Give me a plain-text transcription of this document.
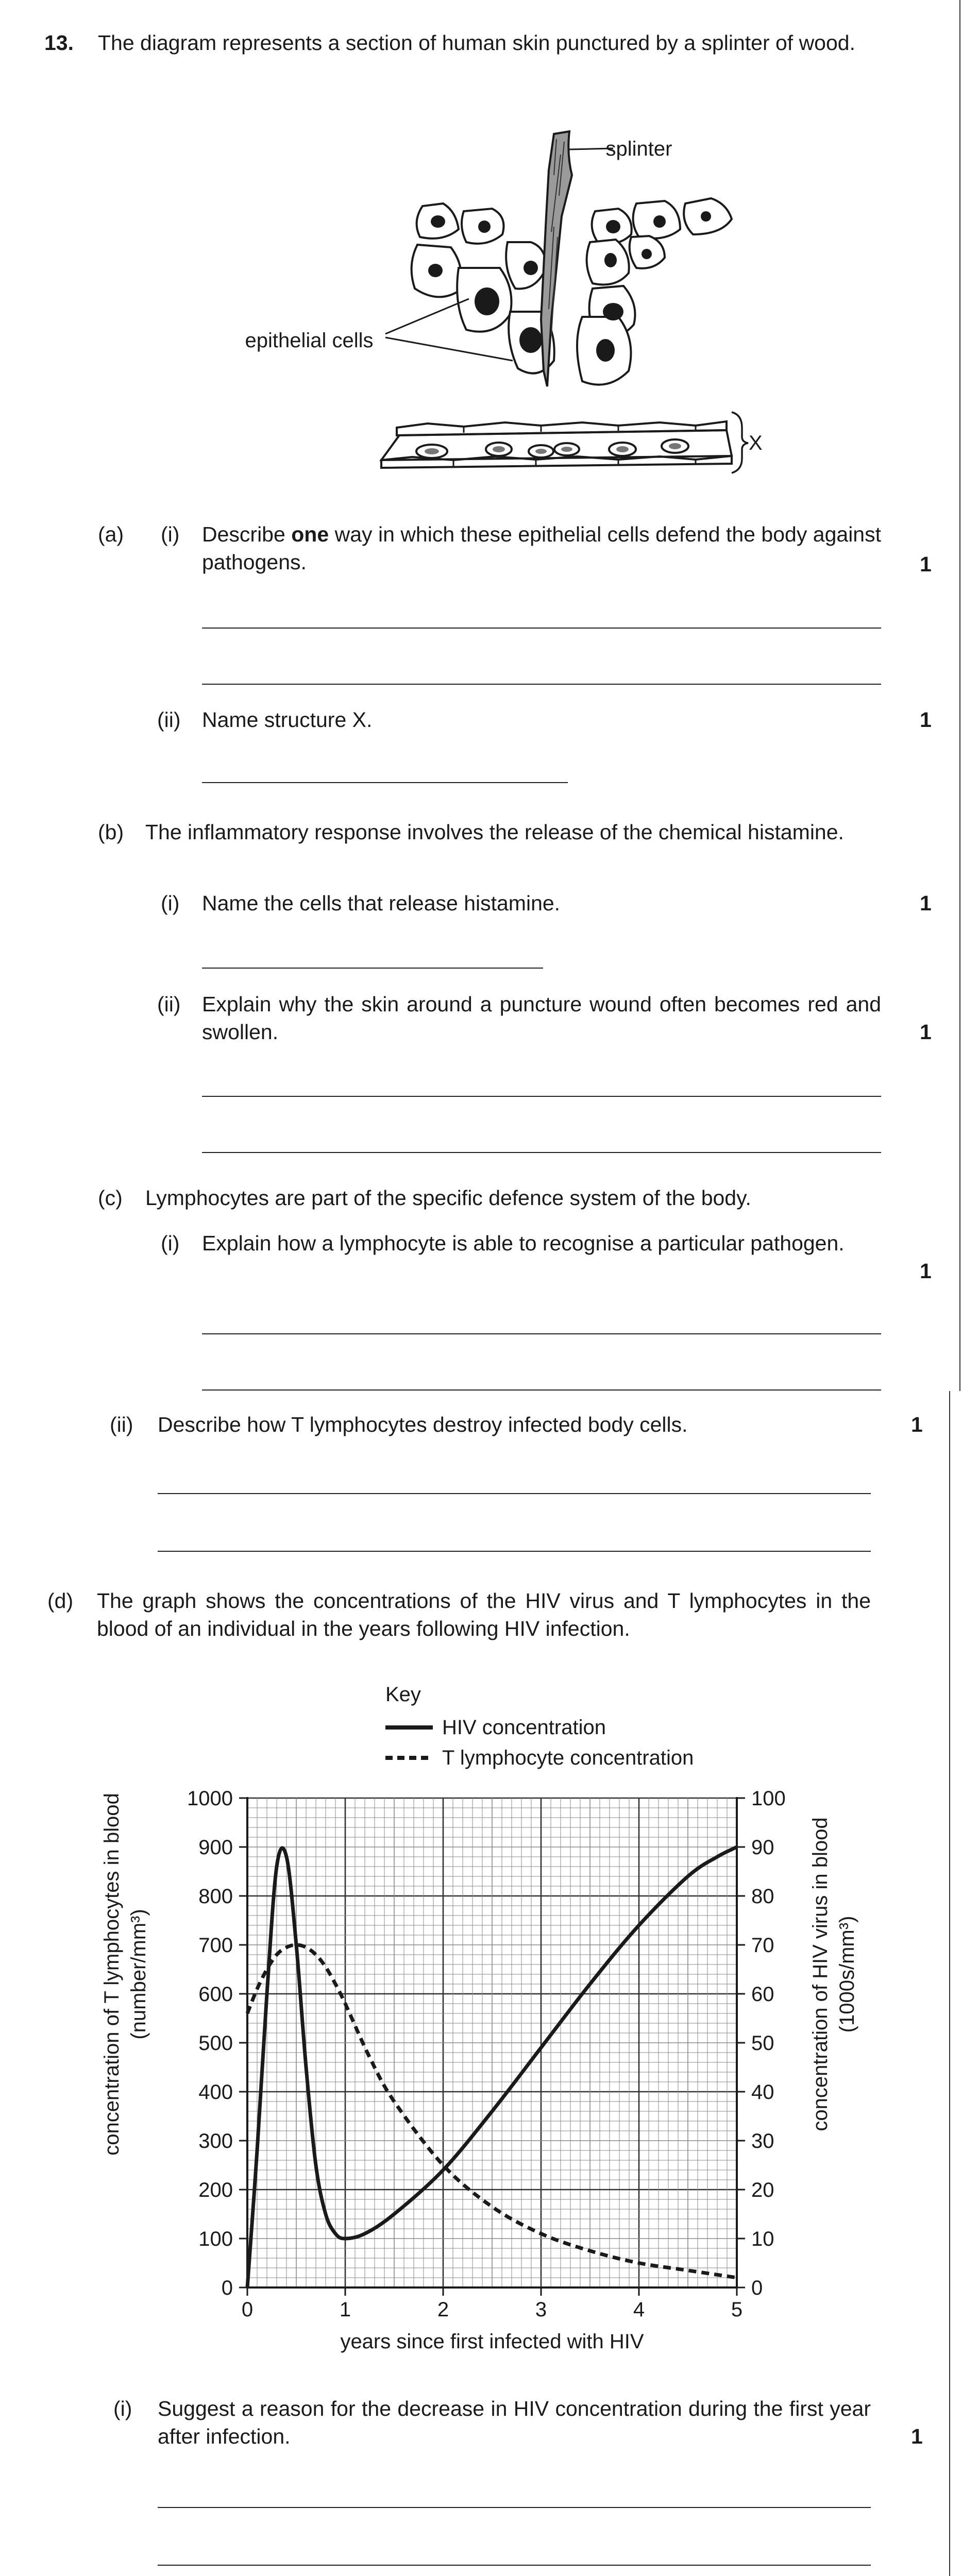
13. The diagram represents a section of human skin punctured by a splinter of wood.
splinter
epithelial cells
X
(a) (i) Describe one way in which these epithelial cells defend the body against pathogens.	1
(ii) Name structure X.	1
(b) The inflammatory response involves the release of the chemical histamine.
(i) Name the cells that release histamine.	1
(ii) Explain why the skin around a puncture wound often becomes red and swollen.	1
(c) Lymphocytes are part of the specific defence system of the body.
(i) Explain how a lymphocyte is able to recognise a particular pathogen.
1
(ii) Describe how T lymphocytes destroy infected body cells.	1
(d) The graph shows the concentrations of the HIV virus and T lymphocytes in the blood of an individual in the years following HIV infection.
Key
HIV concentration
T lymphocyte concentration
0	1	2	3	4	5
0
100
200
300
400
500
600
700
800
900
1000
0
10
20
30
40
50
60
70
80
90
100
years since first infected with HIV
concentration of T lymphocytes in blood (number/mm³)	concentration of HIV virus in blood (1000s/mm³)
(i) Suggest a reason for the decrease in HIV concentration during the first year after infection.	1
